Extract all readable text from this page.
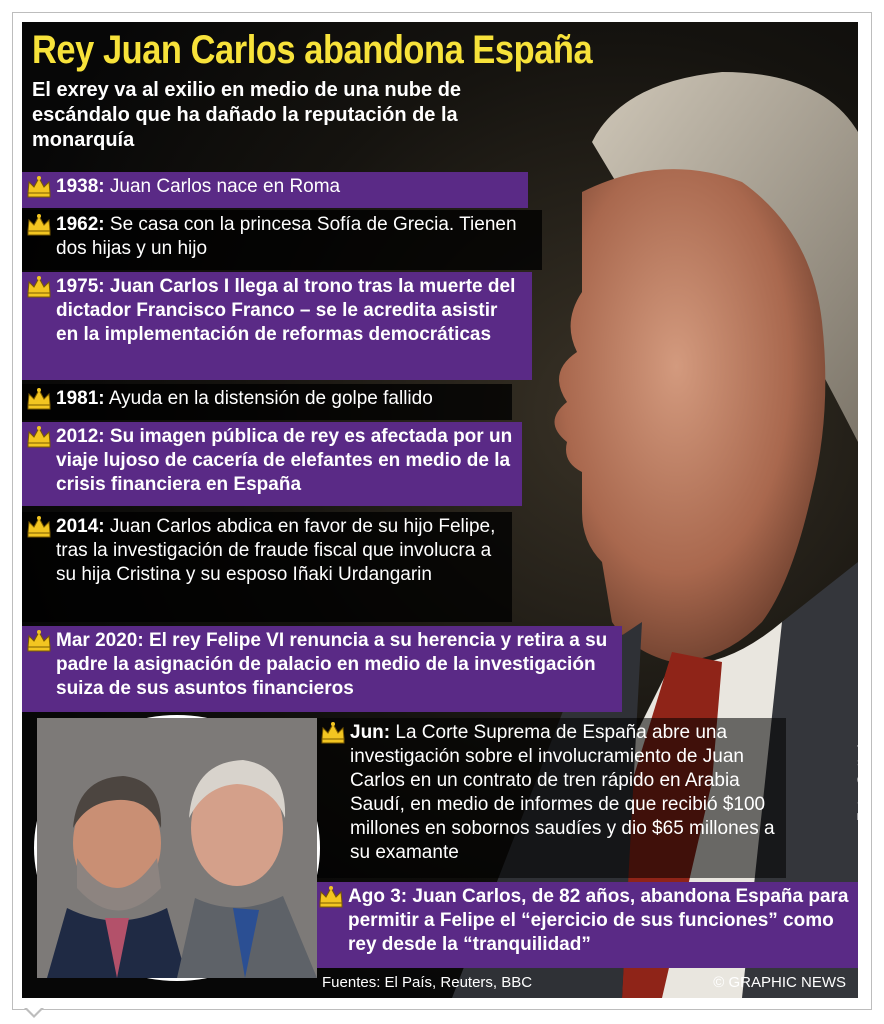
Rey Juan Carlos abandona España

El exrey va al exilio en medio de una nube de escándalo que ha dañado la reputación de la monarquía

1938: Juan Carlos nace en Roma
1962: Se casa con la princesa Sofía de Grecia. Tienen dos hijas y un hijo
1975: Juan Carlos I llega al trono tras la muerte del dictador Francisco Franco – se le acredita asistir en la implementación de reformas democráticas
1981: Ayuda en la distensión de golpe fallido
2012: Su imagen pública de rey es afectada por un viaje lujoso de cacería de elefantes en medio de la crisis financiera en España
2014: Juan Carlos abdica en favor de su hijo Felipe, tras la investigación de fraude fiscal que involucra a su hija Cristina y su esposo Iñaki Urdangarin
Mar 2020: El rey Felipe VI renuncia a su herencia y retira a su padre la asignación de palacio en medio de la investigación suiza de sus asuntos financieros
Jun: La Corte Suprema de España abre una investigación sobre el involucramiento de Juan Carlos en un contrato de tren rápido en Arabia Saudí, en medio de informes de que recibió $100 millones en sobornos saudíes y dio $65 millones a su examante
Ago 3: Juan Carlos, de 82 años, abandona España para permitir a Felipe el “ejercicio de sus funciones” como rey desde la “tranquilidad”
Foto: Getty Images
Fuentes: El País, Reuters, BBC	© GRAPHIC NEWS
